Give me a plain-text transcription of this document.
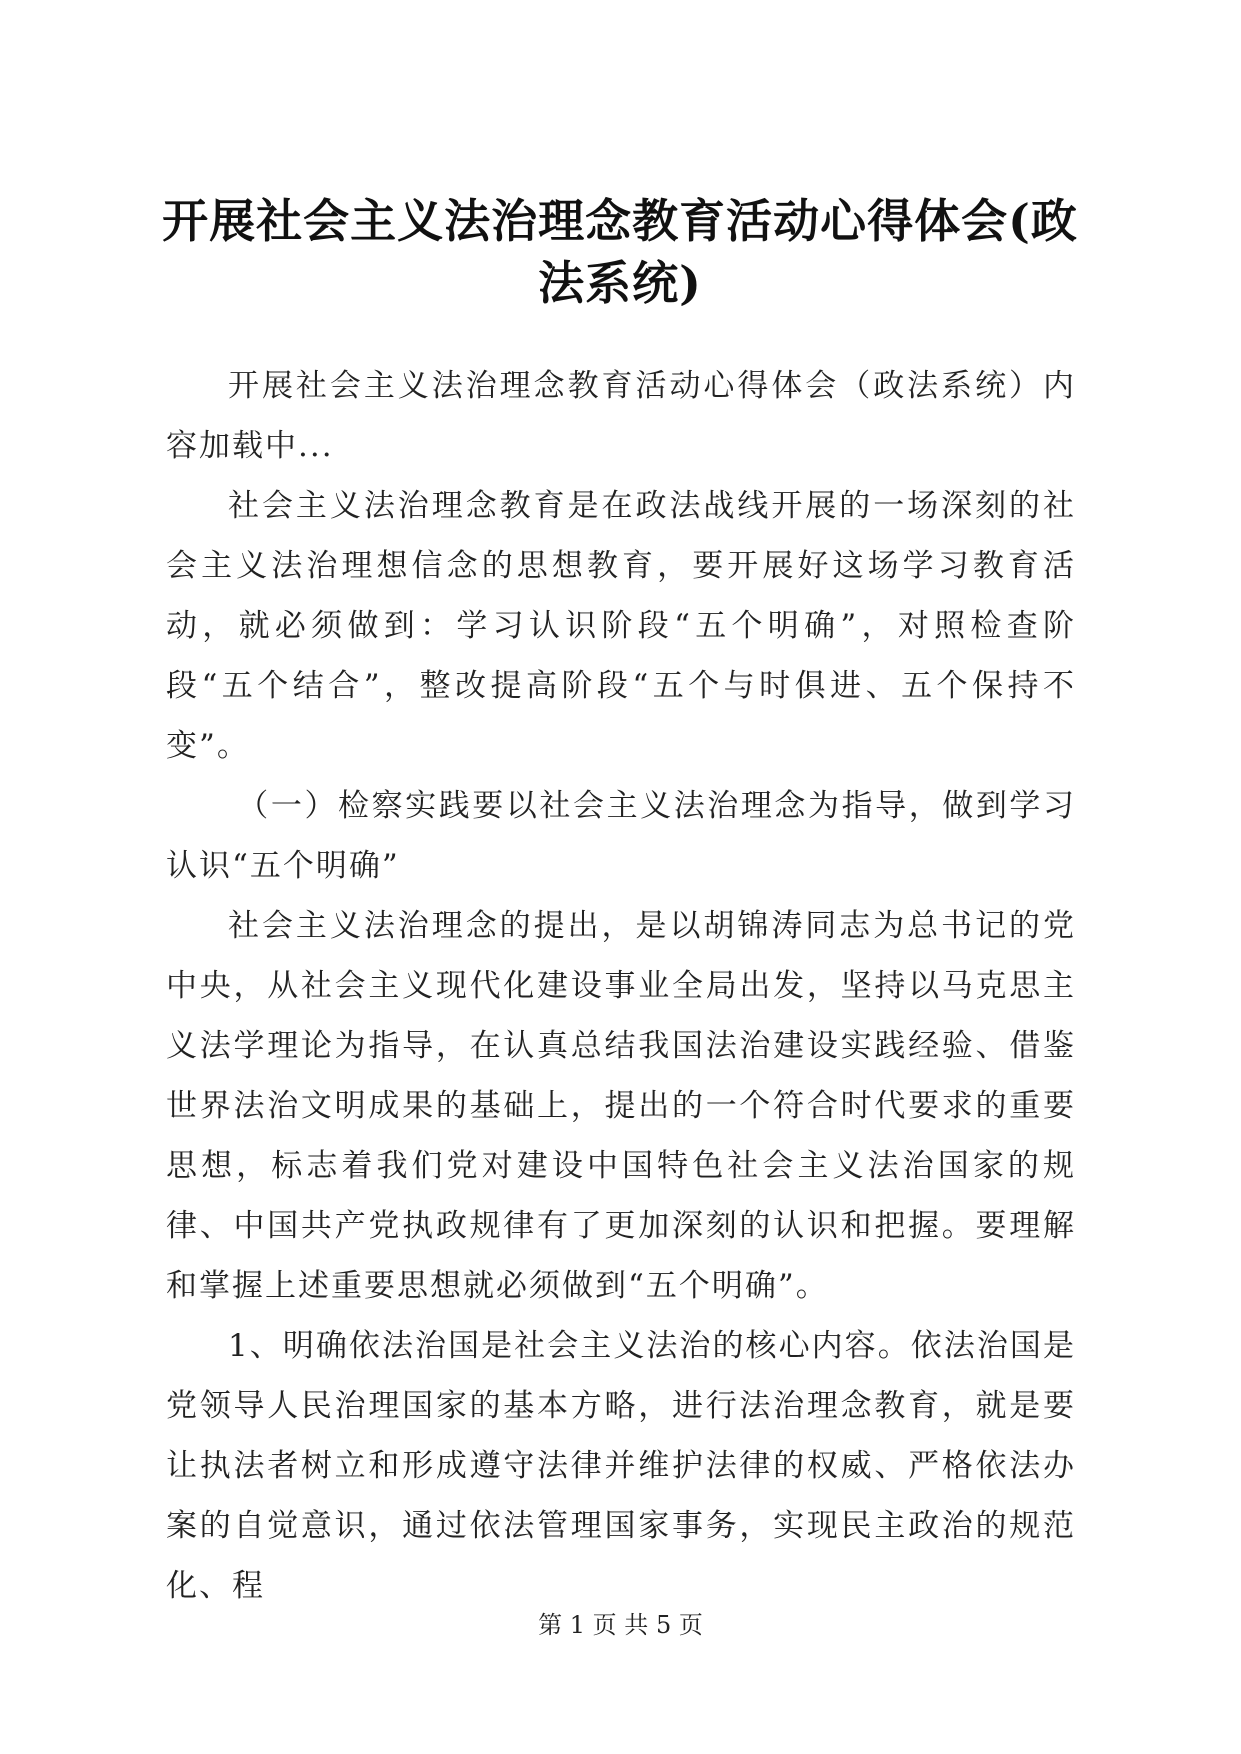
开展社会主义法治理念教育活动心得体会(政法系统)

开展社会主义法治理念教育活动心得体会（政法系统）内容加载中...

社会主义法治理念教育是在政法战线开展的一场深刻的社会主义法治理想信念的思想教育，要开展好这场学习教育活动，就必须做到：学习认识阶段“五个明确”，对照检查阶段“五个结合”，整改提高阶段“五个与时俱进、五个保持不变”。

（一）检察实践要以社会主义法治理念为指导，做到学习认识“五个明确”

社会主义法治理念的提出，是以胡锦涛同志为总书记的党中央，从社会主义现代化建设事业全局出发，坚持以马克思主义法学理论为指导，在认真总结我国法治建设实践经验、借鉴世界法治文明成果的基础上，提出的一个符合时代要求的重要思想，标志着我们党对建设中国特色社会主义法治国家的规律、中国共产党执政规律有了更加深刻的认识和把握。要理解和掌握上述重要思想就必须做到“五个明确”。

1、明确依法治国是社会主义法治的核心内容。依法治国是党领导人民治理国家的基本方略，进行法治理念教育，就是要让执法者树立和形成遵守法律并维护法律的权威、严格依法办案的自觉意识，通过依法管理国家事务，实现民主政治的规范化、程

第 1 页 共 5 页
